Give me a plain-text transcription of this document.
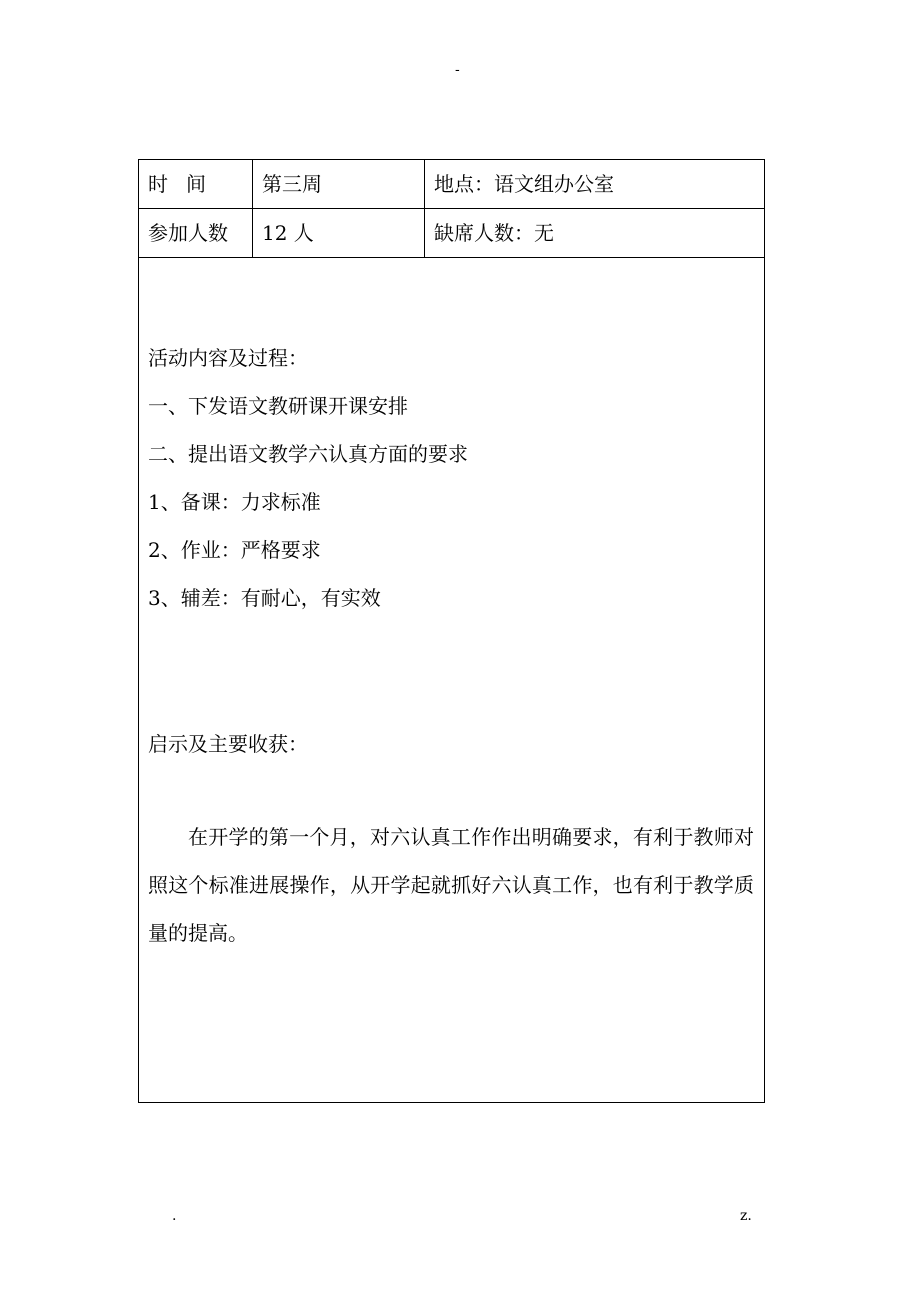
-
时间	第三周	地点：语文组办公室
参加人数	12 人	缺席人数：无
活动内容及过程：
一、下发语文教研课开课安排
二、提出语文教学六认真方面的要求
1、备课：力求标准
2、作业：严格要求
3、辅差：有耐心，有实效
启示及主要收获：
在开学的第一个月，对六认真工作作出明确要求，有利于教师对照这个标准进展操作，从开学起就抓好六认真工作，也有利于教学质量的提高。
.	z.
